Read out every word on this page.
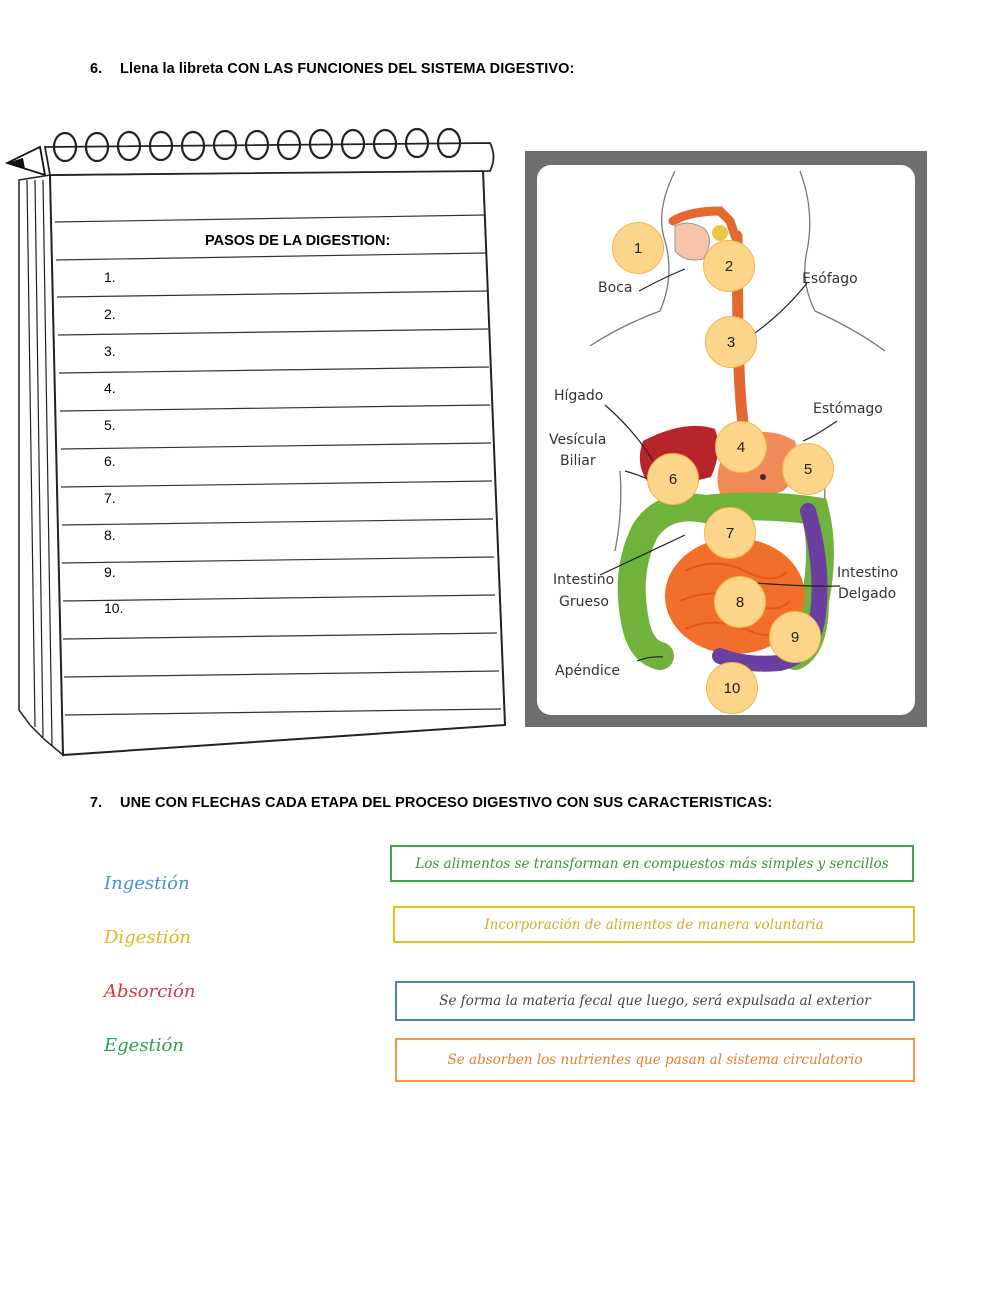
6. Llena la libreta CON LAS FUNCIONES DEL SISTEMA DIGESTIVO:
PASOS DE LA DIGESTION:
1.
2.
3.
4.
5.
6.
7.
8.
9.
10.
Boca
Esófago
Hígado
Estómago
Vesícula
Biliar
Intestino
Grueso
Intestino
Delgado
Apéndice
1
2
3
4
5
6
7
8
9
10
7. UNE CON FLECHAS CADA ETAPA DEL PROCESO DIGESTIVO CON SUS CARACTERISTICAS:
Ingestión
Digestión
Absorción
Egestión
Los alimentos se transforman en compuestos más simples y sencillos
Incorporación de alimentos de manera voluntaria
Se forma la materia fecal que luego, será expulsada al exterior
Se absorben los nutrientes que pasan al sistema circulatorio
